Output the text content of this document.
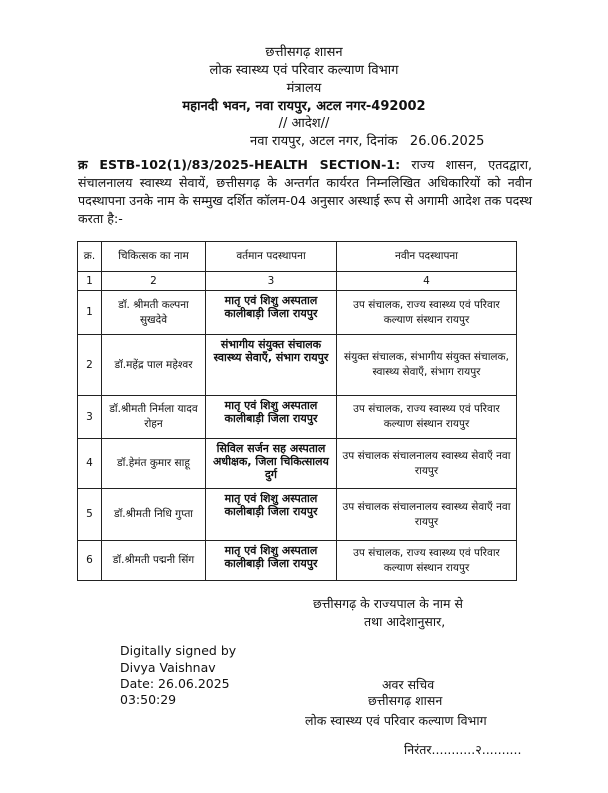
छत्तीसगढ़ शासन
लोक स्वास्थ्य एवं परिवार कल्याण विभाग
मंत्रालय
महानदी भवन, नवा रायपुर, अटल नगर-492002
// आदेश//
नवा रायपुर, अटल नगर, दिनांक 26.06.2025
क्र ESTB-102(1)/83/2025-HEALTH SECTION-1: राज्य शासन, एतदद्वारा, संचालनालय स्वास्थ्य सेवायें, छत्तीसगढ़ के अन्तर्गत कार्यरत निम्नलिखित अधिकारियों को नवीन पदस्थापना उनके नाम के सम्मुख दर्शित कॉलम-04 अनुसार अस्थाई रूप से अगामी आदेश तक पदस्थ करता है:-
क्र.	चिकित्सक का नाम	वर्तमान पदस्थापना	नवीन पदस्थापना
1	2	3	4
1	डॉ. श्रीमती कल्पना सुखदेवे	मातृ एवं शिशु अस्पताल कालीबाड़ी जिला रायपुर	उप संचालक, राज्य स्वास्थ्य एवं परिवार कल्याण संस्थान रायपुर
2	डॉ.महेंद्र पाल महेश्वर	संभागीय संयुक्त संचालक स्वास्थ्य सेवाएँ, संभाग रायपुर	संयुक्त संचालक, संभागीय संयुक्त संचालक, स्वास्थ्य सेवाएँ, संभाग रायपुर
3	डॉ.श्रीमती निर्मला यादव रोहन	मातृ एवं शिशु अस्पताल कालीबाड़ी जिला रायपुर	उप संचालक, राज्य स्वास्थ्य एवं परिवार कल्याण संस्थान रायपुर
4	डॉ.हेमंत कुमार साहू	सिविल सर्जन सह अस्पताल अधीक्षक, जिला चिकित्सालय दुर्ग	उप संचालक संचालनालय स्वास्थ्य सेवाएँ नवा रायपुर
5	डॉ.श्रीमती निधि गुप्ता	मातृ एवं शिशु अस्पताल कालीबाड़ी जिला रायपुर	उप संचालक संचालनालय स्वास्थ्य सेवाएँ नवा रायपुर
6	डॉ.श्रीमती पद्मनी सिंग	मातृ एवं शिशु अस्पताल कालीबाड़ी जिला रायपुर	उप संचालक, राज्य स्वास्थ्य एवं परिवार कल्याण संस्थान रायपुर
छत्तीसगढ़ के राज्यपाल के नाम से
तथा आदेशानुसार,
Digitally signed by
Divya Vaishnav
Date: 26.06.2025
03:50:29
अवर सचिव
छत्तीसगढ़ शासन
लोक स्वास्थ्य एवं परिवार कल्याण विभाग
निरंतर...........२..........
